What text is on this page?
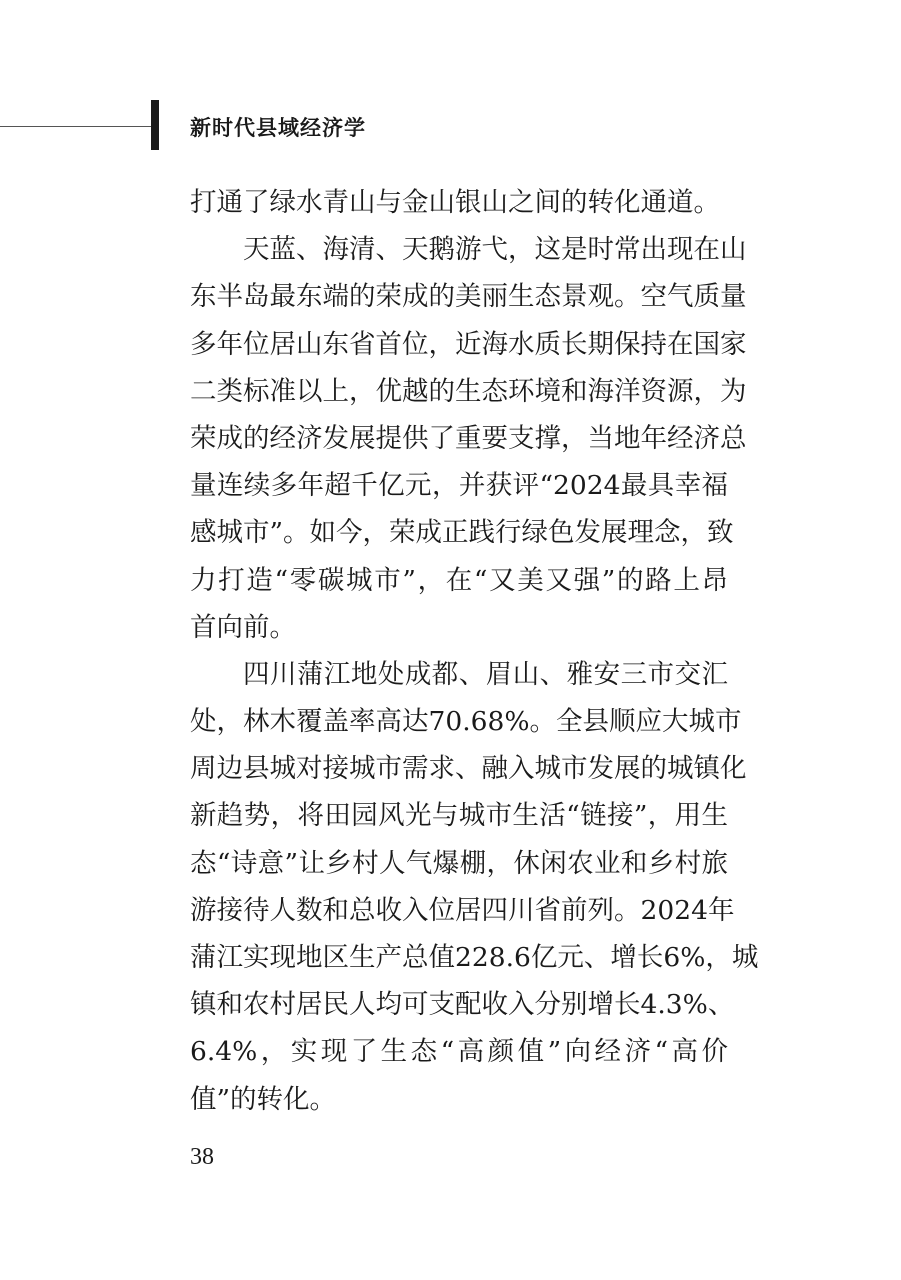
新时代县域经济学
打通了绿水青山与金山银山之间的转化通道。
天蓝、海清、天鹅游弋，这是时常出现在山
东半岛最东端的荣成的美丽生态景观。空气质量
多年位居山东省首位，近海水质长期保持在国家
二类标准以上，优越的生态环境和海洋资源，为
荣成的经济发展提供了重要支撑，当地年经济总
量连续多年超千亿元，并获评“2024最具幸福
感城市”。如今，荣成正践行绿色发展理念，致
力打造“零碳城市”，在“又美又强”的路上昂
首向前。
四川蒲江地处成都、眉山、雅安三市交汇
处，林木覆盖率高达70.68%。全县顺应大城市
周边县城对接城市需求、融入城市发展的城镇化
新趋势，将田园风光与城市生活“链接”，用生
态“诗意”让乡村人气爆棚，休闲农业和乡村旅
游接待人数和总收入位居四川省前列。2024年
蒲江实现地区生产总值228.6亿元、增长6%，城
镇和农村居民人均可支配收入分别增长4.3%、
6.4%，实现了生态“高颜值”向经济“高价
值”的转化。
38
